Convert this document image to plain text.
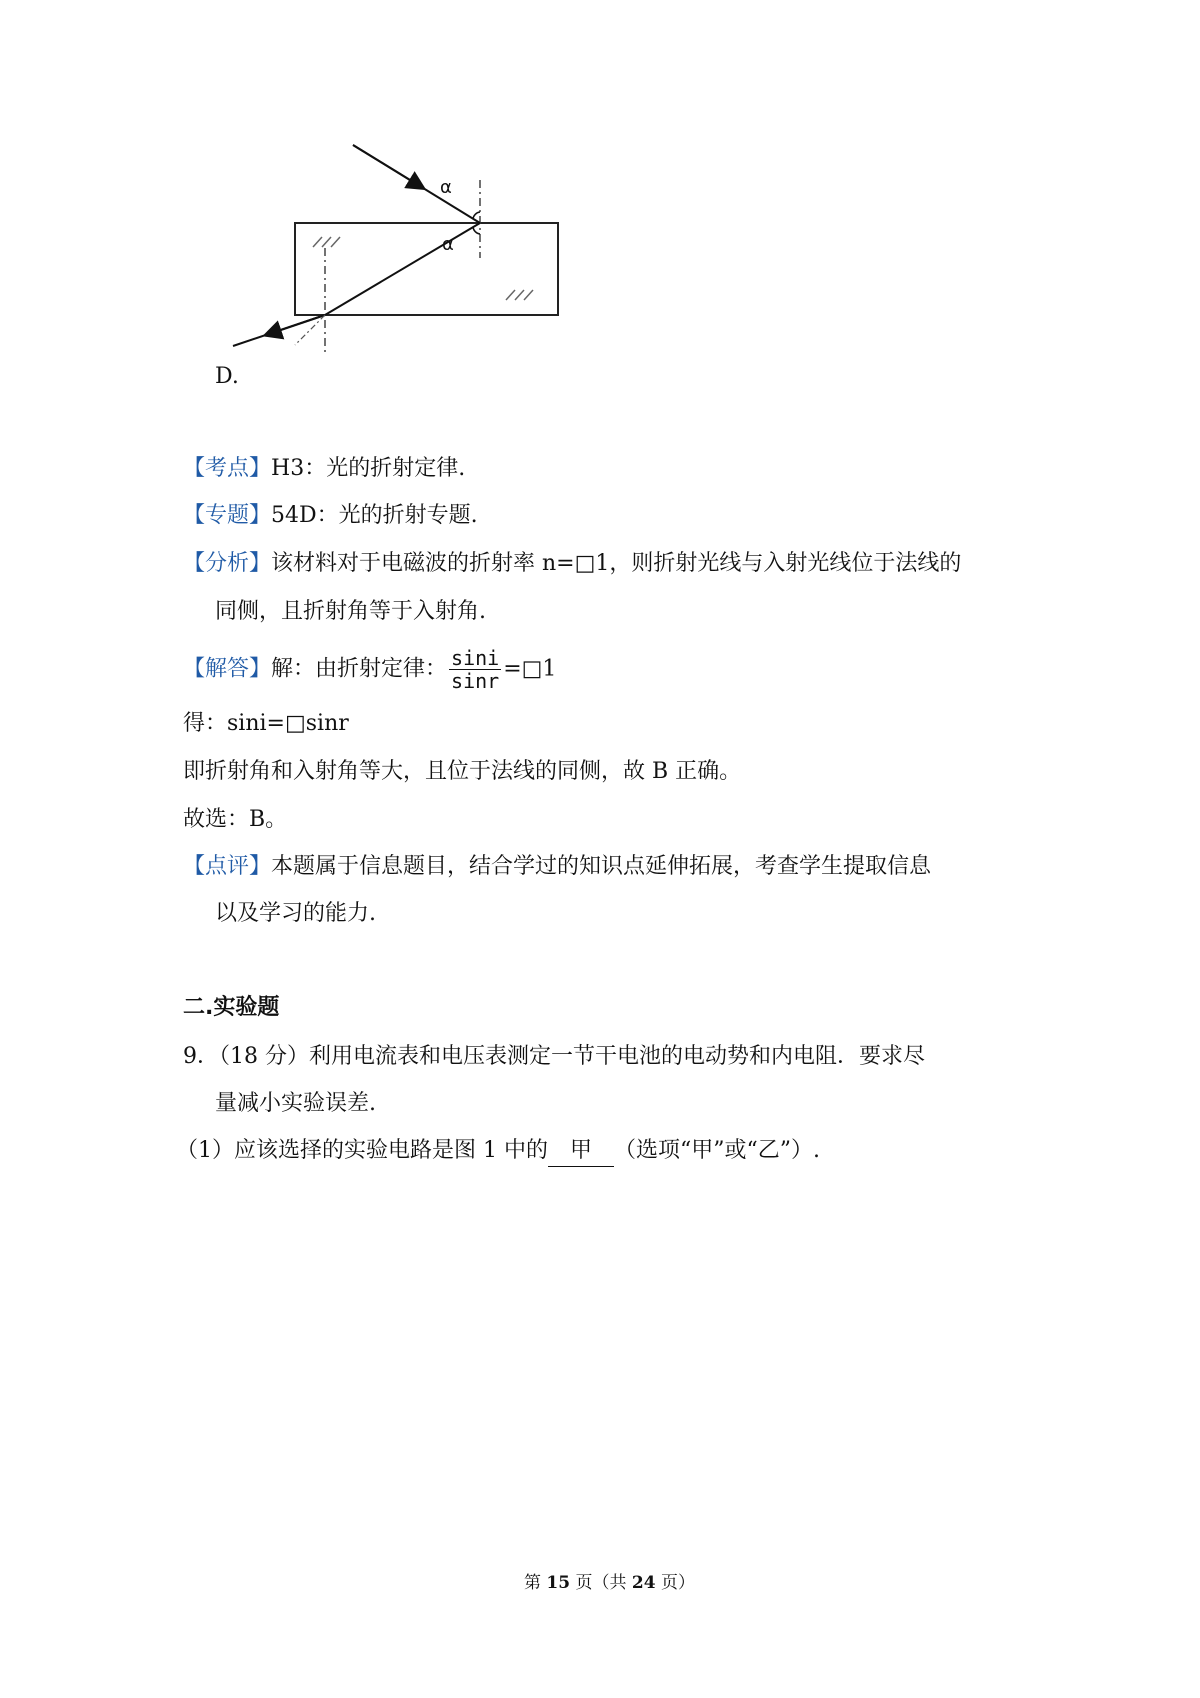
α
α
D.
【考点】H3：光的折射定律.
【专题】54D：光的折射专题.
【分析】该材料对于电磁波的折射率 n=□1，则折射光线与入射光线位于法线的
同侧，且折射角等于入射角.
【解答】解：由折射定律： $\frac{\sin i}{\sin r}$ =□1
得：sini=□sinr
即折射角和入射角等大，且位于法线的同侧，故 B 正确。
故选：B。
【点评】本题属于信息题目，结合学过的知识点延伸拓展，考查学生提取信息
以及学习的能力.
二.实验题
9．（18 分）利用电流表和电压表测定一节干电池的电动势和内电阻．要求尽
量减小实验误差.
（1）应该选择的实验电路是图 1 中的 甲 （选项“甲”或“乙”）.
第 15 页（共 24 页）
